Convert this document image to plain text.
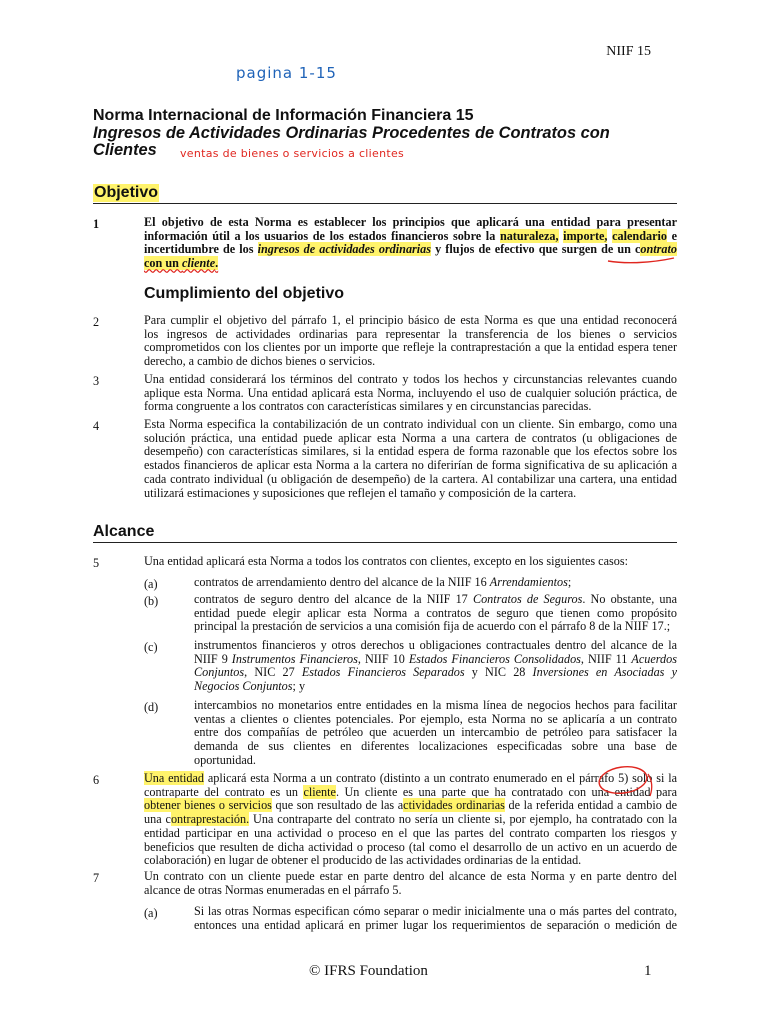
NIIF 15
pagina 1-15
Norma Internacional de Información Financiera 15
Ingresos de Actividades Ordinarias Procedentes de Contratos con
Clientes ventas de bienes o servicios a clientes
Objetivo
1	El objetivo de esta Norma es establecer los principios que aplicará una entidad para presentar
información útil a los usuarios de los estados financieros sobre la naturaleza, importe, calendario e
incertidumbre de los ingresos de actividades ordinarias y flujos de efectivo que surgen de un contrato
con un cliente.
Cumplimiento del objetivo
2	Para cumplir el objetivo del párrafo 1, el principio básico de esta Norma es que una entidad reconocerá
los ingresos de actividades ordinarias para representar la transferencia de los bienes o servicios
comprometidos con los clientes por un importe que refleje la contraprestación a que la entidad espera tener
derecho, a cambio de dichos bienes o servicios.
3	Una entidad considerará los términos del contrato y todos los hechos y circunstancias relevantes cuando
aplique esta Norma. Una entidad aplicará esta Norma, incluyendo el uso de cualquier solución práctica, de
forma congruente a los contratos con características similares y en circunstancias parecidas.
4	Esta Norma especifica la contabilización de un contrato individual con un cliente. Sin embargo, como una
solución práctica, una entidad puede aplicar esta Norma a una cartera de contratos (u obligaciones de
desempeño) con características similares, si la entidad espera de forma razonable que los efectos sobre los
estados financieros de aplicar esta Norma a la cartera no diferirían de forma significativa de su aplicación a
cada contrato individual (u obligación de desempeño) de la cartera. Al contabilizar una cartera, una entidad
utilizará estimaciones y suposiciones que reflejen el tamaño y composición de la cartera.
Alcance
5	Una entidad aplicará esta Norma a todos los contratos con clientes, excepto en los siguientes casos:
(a)	contratos de arrendamiento dentro del alcance de la NIIF 16 Arrendamientos;
(b)	contratos de seguro dentro del alcance de la NIIF 17 Contratos de Seguros. No obstante, una
entidad puede elegir aplicar esta Norma a contratos de seguro que tienen como propósito
principal la prestación de servicios a una comisión fija de acuerdo con el párrafo 8 de la NIIF 17.;
(c)	instrumentos financieros y otros derechos u obligaciones contractuales dentro del alcance de la
NIIF 9 Instrumentos Financieros, NIIF 10 Estados Financieros Consolidados, NIIF 11 Acuerdos
Conjuntos, NIC 27 Estados Financieros Separados y NIC 28 Inversiones en Asociadas y
Negocios Conjuntos; y
(d)	intercambios no monetarios entre entidades en la misma línea de negocios hechos para facilitar
ventas a clientes o clientes potenciales. Por ejemplo, esta Norma no se aplicaría a un contrato
entre dos compañías de petróleo que acuerden un intercambio de petróleo para satisfacer la
demanda de sus clientes en diferentes localizaciones especificadas sobre una base de
oportunidad.
6	Una entidad aplicará esta Norma a un contrato (distinto a un contrato enumerado en el párrafo 5) solo si la
contraparte del contrato es un cliente. Un cliente es una parte que ha contratado con una entidad para
obtener bienes o servicios que son resultado de las actividades ordinarias de la referida entidad a cambio de
una contraprestación. Una contraparte del contrato no sería un cliente si, por ejemplo, ha contratado con la
entidad participar en una actividad o proceso en el que las partes del contrato comparten los riesgos y
beneficios que resulten de dicha actividad o proceso (tal como el desarrollo de un activo en un acuerdo de
colaboración) en lugar de obtener el producido de las actividades ordinarias de la entidad.
7	Un contrato con un cliente puede estar en parte dentro del alcance de esta Norma y en parte dentro del
alcance de otras Normas enumeradas en el párrafo 5.
(a)	Si las otras Normas especifican cómo separar o medir inicialmente una o más partes del contrato,
entonces una entidad aplicará en primer lugar los requerimientos de separación o medición de
© IFRS Foundation	1
